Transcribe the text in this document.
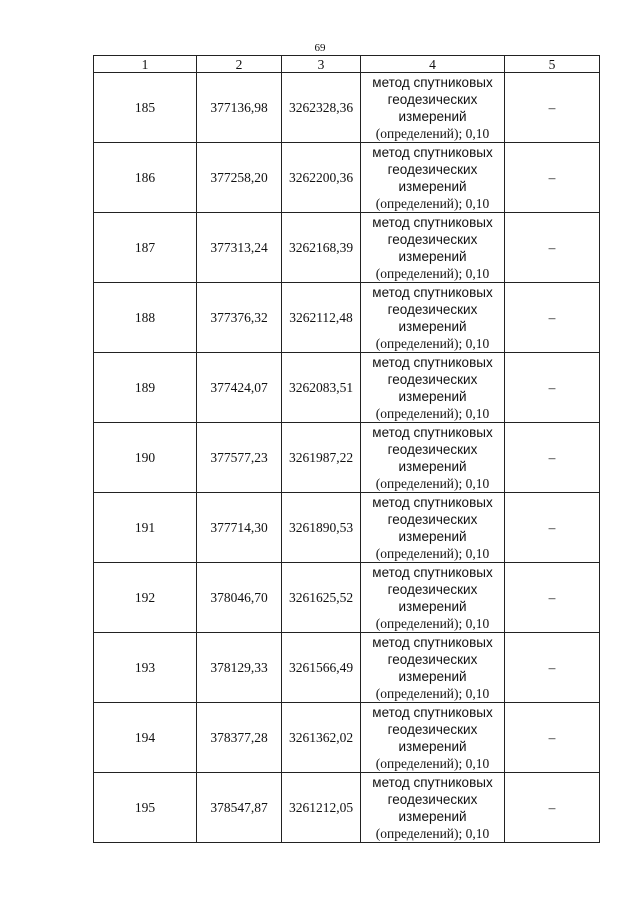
69
1	2	3	4	5
185	377136,98	3262328,36	метод спутниковых
геодезических
измерений
(определений); 0,10	–
186	377258,20	3262200,36	метод спутниковых
геодезических
измерений
(определений); 0,10	–
187	377313,24	3262168,39	метод спутниковых
геодезических
измерений
(определений); 0,10	–
188	377376,32	3262112,48	метод спутниковых
геодезических
измерений
(определений); 0,10	–
189	377424,07	3262083,51	метод спутниковых
геодезических
измерений
(определений); 0,10	–
190	377577,23	3261987,22	метод спутниковых
геодезических
измерений
(определений); 0,10	–
191	377714,30	3261890,53	метод спутниковых
геодезических
измерений
(определений); 0,10	–
192	378046,70	3261625,52	метод спутниковых
геодезических
измерений
(определений); 0,10	–
193	378129,33	3261566,49	метод спутниковых
геодезических
измерений
(определений); 0,10	–
194	378377,28	3261362,02	метод спутниковых
геодезических
измерений
(определений); 0,10	–
195	378547,87	3261212,05	метод спутниковых
геодезических
измерений
(определений); 0,10	–
